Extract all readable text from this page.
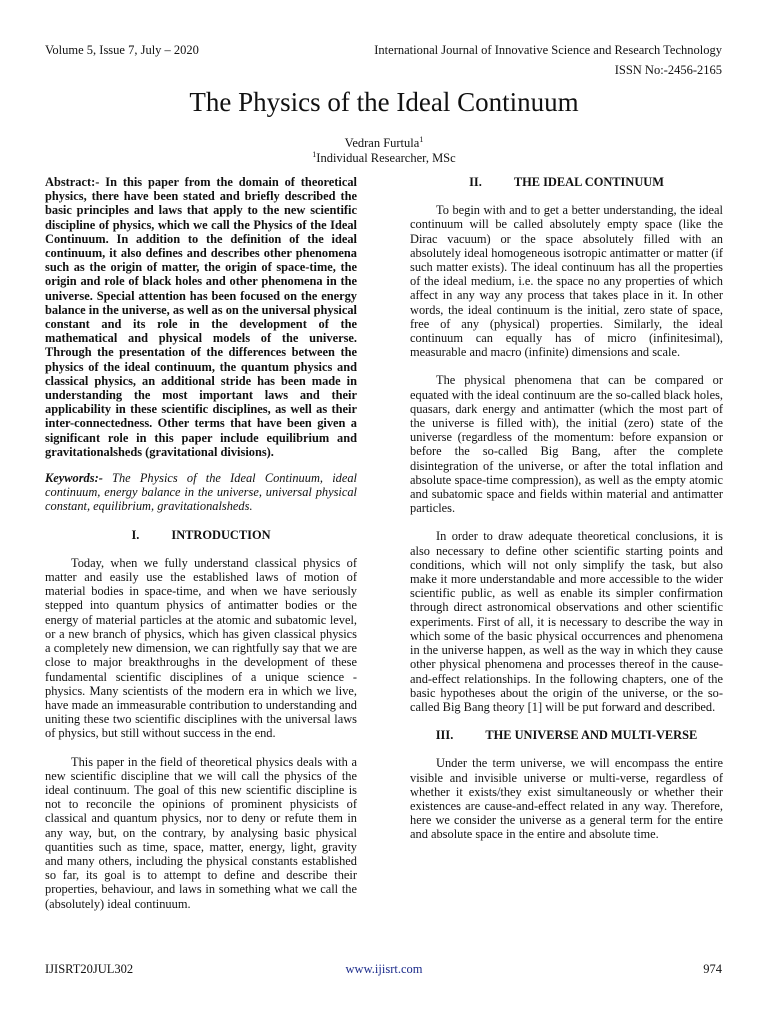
Volume 5, Issue 7, July – 2020	International Journal of Innovative Science and Research Technology
ISSN No:-2456-2165
The Physics of the Ideal Continuum
Vedran Furtula$^1$
$^1$Individual Researcher, MSc

Abstract:- In this paper from the domain of theoretical physics, there have been stated and briefly described the basic principles and laws that apply to the new scientific discipline of physics, which we call the Physics of the Ideal Continuum. In addition to the definition of the ideal continuum, it also defines and describes other phenomena such as the origin of matter, the origin of space-time, the origin and role of black holes and other phenomena in the universe. Special attention has been focused on the energy balance in the universe, as well as on the universal physical constant and its role in the development of the mathematical and physical models of the universe. Through the presentation of the differences between the physics of the ideal continuum, the quantum physics and classical physics, an additional stride has been made in understanding the most important laws and their applicability in these scientific disciplines, as well as their inter-connectedness. Other terms that have been given a significant role in this paper include equilibrium and gravitationalsheds (gravitational divisions).

Keywords:- The Physics of the Ideal Continuum, ideal continuum, energy balance in the universe, universal physical constant, equilibrium, gravitationalsheds.

I.	INTRODUCTION

Today, when we fully understand classical physics of matter and easily use the established laws of motion of material bodies in space-time, and when we have seriously stepped into quantum physics of antimatter bodies or the energy of material particles at the atomic and subatomic level, or a new branch of physics, which has given classical physics a completely new dimension, we can rightfully say that we are close to major breakthroughs in the development of these fundamental scientific disciplines of a unique science - physics. Many scientists of the modern era in which we live, have made an immeasurable contribution to understanding and uniting these two scientific disciplines with the universal laws of physics, but still without success in the end.

This paper in the field of theoretical physics deals with a new scientific discipline that we will call the physics of the ideal continuum. The goal of this new scientific discipline is not to reconcile the opinions of prominent physicists of classical and quantum physics, nor to deny or refute them in any way, but, on the contrary, by analysing basic physical quantities such as time, space, matter, energy, light, gravity and many others, including the physical constants established so far, its goal is to attempt to define and describe their properties, behaviour, and laws in something what we call the (absolutely) ideal continuum.

II.	THE IDEAL CONTINUUM

To begin with and to get a better understanding, the ideal continuum will be called absolutely empty space (like the Dirac vacuum) or the space absolutely filled with an absolutely ideal homogeneous isotropic antimatter or matter (if such matter exists). The ideal continuum has all the properties of the ideal medium, i.e. the space no any properties of which affect in any way any process that takes place in it. In other words, the ideal continuum is the initial, zero state of space, free of any (physical) properties. Similarly, the ideal continuum can equally has of micro (infinitesimal), measurable and macro (infinite) dimensions and scale.

The physical phenomena that can be compared or equated with the ideal continuum are the so-called black holes, quasars, dark energy and antimatter (which the most part of the universe is filled with), the initial (zero) state of the universe (regardless of the momentum: before expansion or before the so-called Big Bang, after the complete disintegration of the universe, or after the total inflation and absolute space-time compression), as well as the empty atomic and subatomic space and fields within material and antimatter particles.

In order to draw adequate theoretical conclusions, it is also necessary to define other scientific starting points and conditions, which will not only simplify the task, but also make it more understandable and more accessible to the wider scientific public, as well as enable its simpler confirmation through direct astronomical observations and other scientific experiments. First of all, it is necessary to describe the way in which some of the basic physical occurrences and phenomena in the universe happen, as well as the way in which they cause other physical phenomena and processes thereof in the cause-and-effect relationships. In the following chapters, one of the basic hypotheses about the origin of the universe, or the so-called Big Bang theory [1] will be put forward and described.

III.	THE UNIVERSE AND MULTI-VERSE

Under the term universe, we will encompass the entire visible and invisible universe or multi-verse, regardless of whether it exists/they exist simultaneously or whether their existences are cause-and-effect related in any way. Therefore, here we consider the universe as a general term for the entire and absolute space in the entire and absolute time.

IJISRT20JUL302	www.ijisrt.com	974
